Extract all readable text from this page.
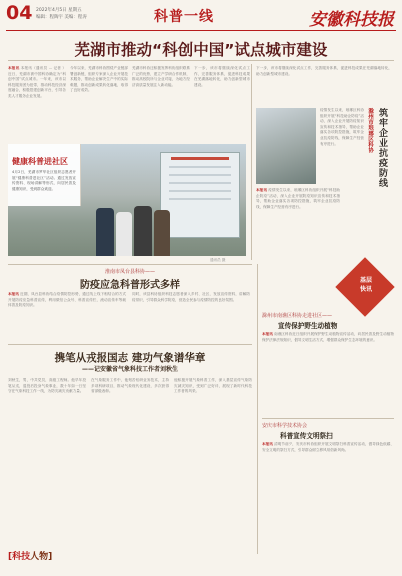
04 2022年4月5日 星期五
编辑：程陶宇 美编：程涛	科普一线	安徽科技报
芜湖市推动“科创中国”试点城市建设
本报讯 本报讯（通讯员 … 记者 ）近日，芜湖市被中国科协确定为“科创中国”试点城市。一年来，该市以科技服务团为纽带，推动科技经济深度融合，积极搭建创新平台，引导各类人才服务企业发展。
今年以来，芜湖市科协围绕产业链部署创新链，组织专家深入企业开展技术服务，帮助企业解决生产中的实际难题，推动创新成果转化落地，取得了良好成效。
芜湖市科协还积极发挥科协组织联系广泛的优势，建立产学研合作机制，推动高校院所与企业对接，为地方经济高质量发展注入新动能。
下一步，该市将继续深化试点工作，完善服务体系，促进科技成果在芜湖落地转化，助力创新型城市建设。
下一步，该市将继续深化试点工作，完善服务体系，促进科技成果在芜湖落地转化，助力创新型城市建设。
健康科普进社区
4月2日，芜湖市罗华社区组织志愿者开展“健康科普进社区”活动。通过发放宣传资料、现场讲解等形式，向居民普及健康知识，受到群众欢迎。
通讯员 摄
筑牢企业抗疫防线
滁州市琅琊区科协
疫情发生以来，琅琊区科协组织开展“科技助企防疫”活动，深入企业开展防疫知识宣传和技术指导，帮助企业落实各项防控措施，筑牢企业抗疫防线，保障生产经营有序进行。
本报讯 疫情发生以来，琅琊区科协组织开展“科技助企防疫”活动，深入企业开展防疫知识宣传和技术指导，帮助企业落实各项防控措施，筑牢企业抗疫防线，保障生产经营有序进行。
基层
快讯
淮南市凤台县科协——
防疫应急科普形式多样
本报讯 近期，凤台县科协结合疫情防控形势，通过线上线下相结合的方式开展防疫应急科普宣传，利用微信公众号、科普宣传栏、流动宣传车等载体普及防疫知识。
同时，该县科协组织科技志愿者深入乡村、社区，发放宣传资料，讲解防疫常识，引导群众科学防疫，营造全民参与疫情防控的良好氛围。
滁州市南谯区科协走进社区——
宣传保护野生动植物
本报讯 南谯区科协近日组织开展保护野生动植物宣传活动，向居民普及野生动植物保护法律法规知识，倡导文明生活方式，增强群众保护生态环境的意识。
安庆市科学技术协会
科普宣传文明祭扫
本报讯 清明节前夕，安庆市科协组织开展文明祭扫科普宣传活动，倡导绿色低碳、安全文明的祭扫方式，引导群众树立移风易俗新风尚。
携笔从戎报国志 建功气象谱华章
——记安徽省气象科技工作者刘秋生
刘秋生，男，中共党员，高级工程师。他早年投笔从戎，退役后投身气象事业，数十年如一日坚守在气象科技工作一线，为防灾减灾贡献力量。
在气象服务工作中，他刻苦钻研业务技术，主持多项科研项目，推动气象现代化建设，多次获得省部级表彰。
他积极开展气象科普工作，深入基层宣传气象防灾减灾知识，受到广泛好评，展现了新时代科技工作者的风采。
[科技人物]
